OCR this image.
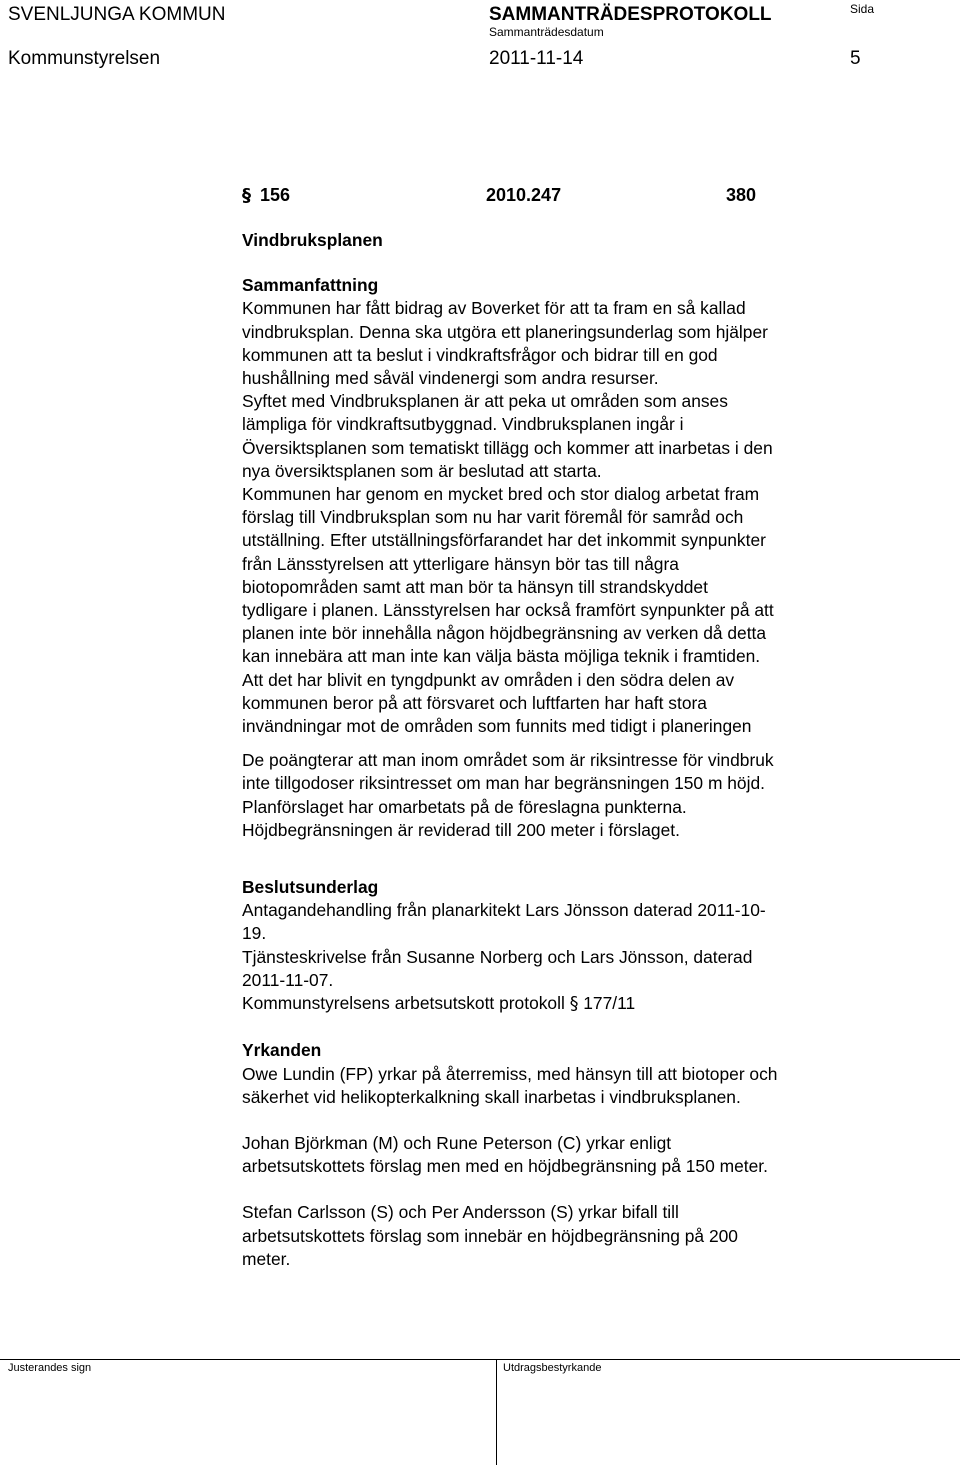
SVENLJUNGA KOMMUN	SAMMANTRÄDESPROTOKOLL	Sida
Sammanträdesdatum
Kommunstyrelsen	2011-11-14	5
§ 156	2010.247	380

Vindbruksplanen

Sammanfattning

Kommunen har fått bidrag av Boverket för att ta fram en så kallad

vindbruksplan. Denna ska utgöra ett planeringsunderlag som hjälper

kommunen att ta beslut i vindkraftsfrågor och bidrar till en god

hushållning med såväl vindenergi som andra resurser.

Syftet med Vindbruksplanen är att peka ut områden som anses

lämpliga för vindkraftsutbyggnad. Vindbruksplanen ingår i

Översiktsplanen som tematiskt tillägg och kommer att inarbetas i den

nya översiktsplanen som är beslutad att starta.

Kommunen har genom en mycket bred och stor dialog arbetat fram

förslag till Vindbruksplan som nu har varit föremål för samråd och

utställning. Efter utställningsförfarandet har det inkommit synpunkter

från Länsstyrelsen att ytterligare hänsyn bör tas till några

biotopområden samt att man bör ta hänsyn till strandskyddet

tydligare i planen. Länsstyrelsen har också framfört synpunkter på att

planen inte bör innehålla någon höjdbegränsning av verken då detta

kan innebära att man inte kan välja bästa möjliga teknik i framtiden.

Att det har blivit en tyngdpunkt av områden i den södra delen av

kommunen beror på att försvaret och luftfarten har haft stora

invändningar mot de områden som funnits med tidigt i planeringen

De poängterar att man inom området som är riksintresse för vindbruk

inte tillgodoser riksintresset om man har begränsningen 150 m höjd.

Planförslaget har omarbetats på de föreslagna punkterna.

Höjdbegränsningen är reviderad till 200 meter i förslaget.

Beslutsunderlag

Antagandehandling från planarkitekt Lars Jönsson daterad 2011-10-

19.

Tjänsteskrivelse från Susanne Norberg och Lars Jönsson, daterad

2011-11-07.

Kommunstyrelsens arbetsutskott protokoll § 177/11

Yrkanden

Owe Lundin (FP) yrkar på återremiss, med hänsyn till att biotoper och

säkerhet vid helikopterkalkning skall inarbetas i vindbruksplanen.

Johan Björkman (M) och Rune Peterson (C) yrkar enligt

arbetsutskottets förslag men med en höjdbegränsning på 150 meter.

Stefan Carlsson (S) och Per Andersson (S) yrkar bifall till

arbetsutskottets förslag som innebär en höjdbegränsning på 200

meter.

Justerandes sign	Utdragsbestyrkande
